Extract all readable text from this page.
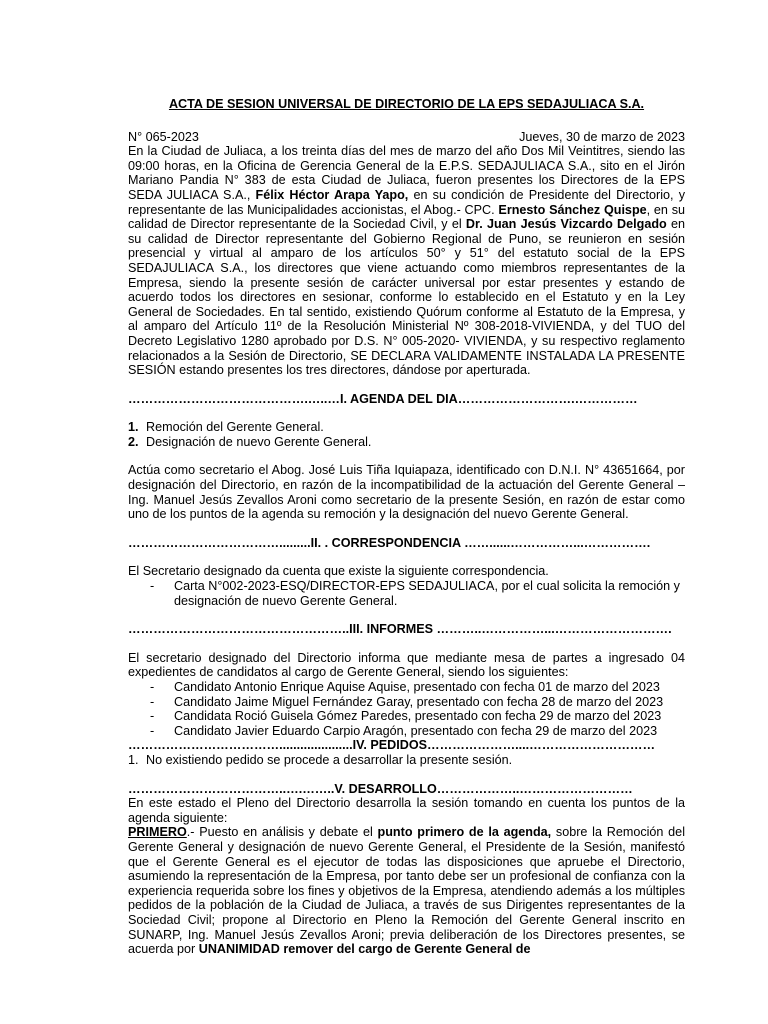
ACTA DE SESION UNIVERSAL DE DIRECTORIO DE LA EPS SEDAJULIACA S.A.
N° 065-2023	Jueves, 30 de marzo de 2023

En la Ciudad de Juliaca, a los treinta días del mes de marzo del año Dos Mil Veintitres, siendo las 09:00 horas, en la Oficina de Gerencia General de la E.P.S. SEDAJULIACA S.A., sito en el Jirón Mariano Pandia N° 383 de esta Ciudad de Juliaca, fueron presentes los Directores de la EPS SEDA JULIACA S.A., Félix Héctor Arapa Yapo, en su condición de Presidente del Directorio, y representante de las Municipalidades accionistas, el Abog.- CPC. Ernesto Sánchez Quispe, en su calidad de Director representante de la Sociedad Civil, y el Dr. Juan Jesús Vizcardo Delgado en su calidad de Director representante del Gobierno Regional de Puno, se reunieron en sesión presencial y virtual al amparo de los artículos 50° y 51° del estatuto social de la EPS SEDAJULIACA S.A., los directores que viene actuando como miembros representantes de la Empresa, siendo la presente sesión de carácter universal por estar presentes y estando de acuerdo todos los directores en sesionar, conforme lo establecido en el Estatuto y en la Ley General de Sociedades. En tal sentido, existiendo Quórum conforme al Estatuto de la Empresa, y al amparo del Artículo 11º de la Resolución Ministerial Nº 308-2018-VIVIENDA, y del TUO del Decreto Legislativo 1280 aprobado por D.S. N° 005-2020- VIVIENDA, y su respectivo reglamento relacionados a la Sesión de Directorio, SE DECLARA VALIDAMENTE INSTALADA LA PRESENTE SESIÓN estando presentes los tres directores, dándose por aperturada.

…………………………………….…..…I. AGENDA DEL DIA……………………….……………
1. Remoción del Gerente General.
2. Designación de nuevo Gerente General.

Actúa como secretario el Abog. José Luis Tiña Iquiapaza, identificado con D.N.I. N° 43651664, por designación del Directorio, en razón de la incompatibilidad de la actuación del Gerente General – Ing. Manuel Jesús Zevallos Aroni como secretario de la presente Sesión, en razón de estar como uno de los puntos de la agenda su remoción y la designación del nuevo Gerente General.

……………………………….........II. . CORRESPONDENCIA ……......……………...…………….

El Secretario designado da cuenta que existe la siguiente correspondencia.

-	Carta N°002-2023-ESQ/DIRECTOR-EPS SEDAJULIACA, por el cual solicita la remoción y designación de nuevo Gerente General.
……………………………………………..III. INFORMES ………..……………...……………………….

El secretario designado del Directorio informa que mediante mesa de partes a ingresado 04 expedientes de candidatos al cargo de Gerente General, siendo los siguientes:

-	Candidato Antonio Enrique Aquise Aquise, presentado con fecha 01 de marzo del 2023
-	Candidato Jaime Miguel Fernández Garay, presentado con fecha 28 de marzo del 2023
-	Candidata Roció Guisela Gómez Paredes, presentado con fecha 29 de marzo del 2023
-	Candidato Javier Eduardo Carpio Aragón, presentado con fecha 29 de marzo del 2023
……………………………….....................IV. PEDIDOS…………………....…………………………
1. No existiendo pedido se procede a desarrollar la presente sesión.
………………………………..….……..V. DESARROLLO………………..………………………

En este estado el Pleno del Directorio desarrolla la sesión tomando en cuenta los puntos de la agenda siguiente:

PRIMERO.- Puesto en análisis y debate el punto primero de la agenda, sobre la Remoción del Gerente General y designación de nuevo Gerente General, el Presidente de la Sesión, manifestó que el Gerente General es el ejecutor de todas las disposiciones que apruebe el Directorio, asumiendo la representación de la Empresa, por tanto debe ser un profesional de confianza con la experiencia requerida sobre los fines y objetivos de la Empresa, atendiendo además a los múltiples pedidos de la población de la Ciudad de Juliaca, a través de sus Dirigentes representantes de la Sociedad Civil; propone al Directorio en Pleno la Remoción del Gerente General inscrito en SUNARP, Ing. Manuel Jesús Zevallos Aroni; previa deliberación de los Directores presentes, se acuerda por UNANIMIDAD remover del cargo de Gerente General de
